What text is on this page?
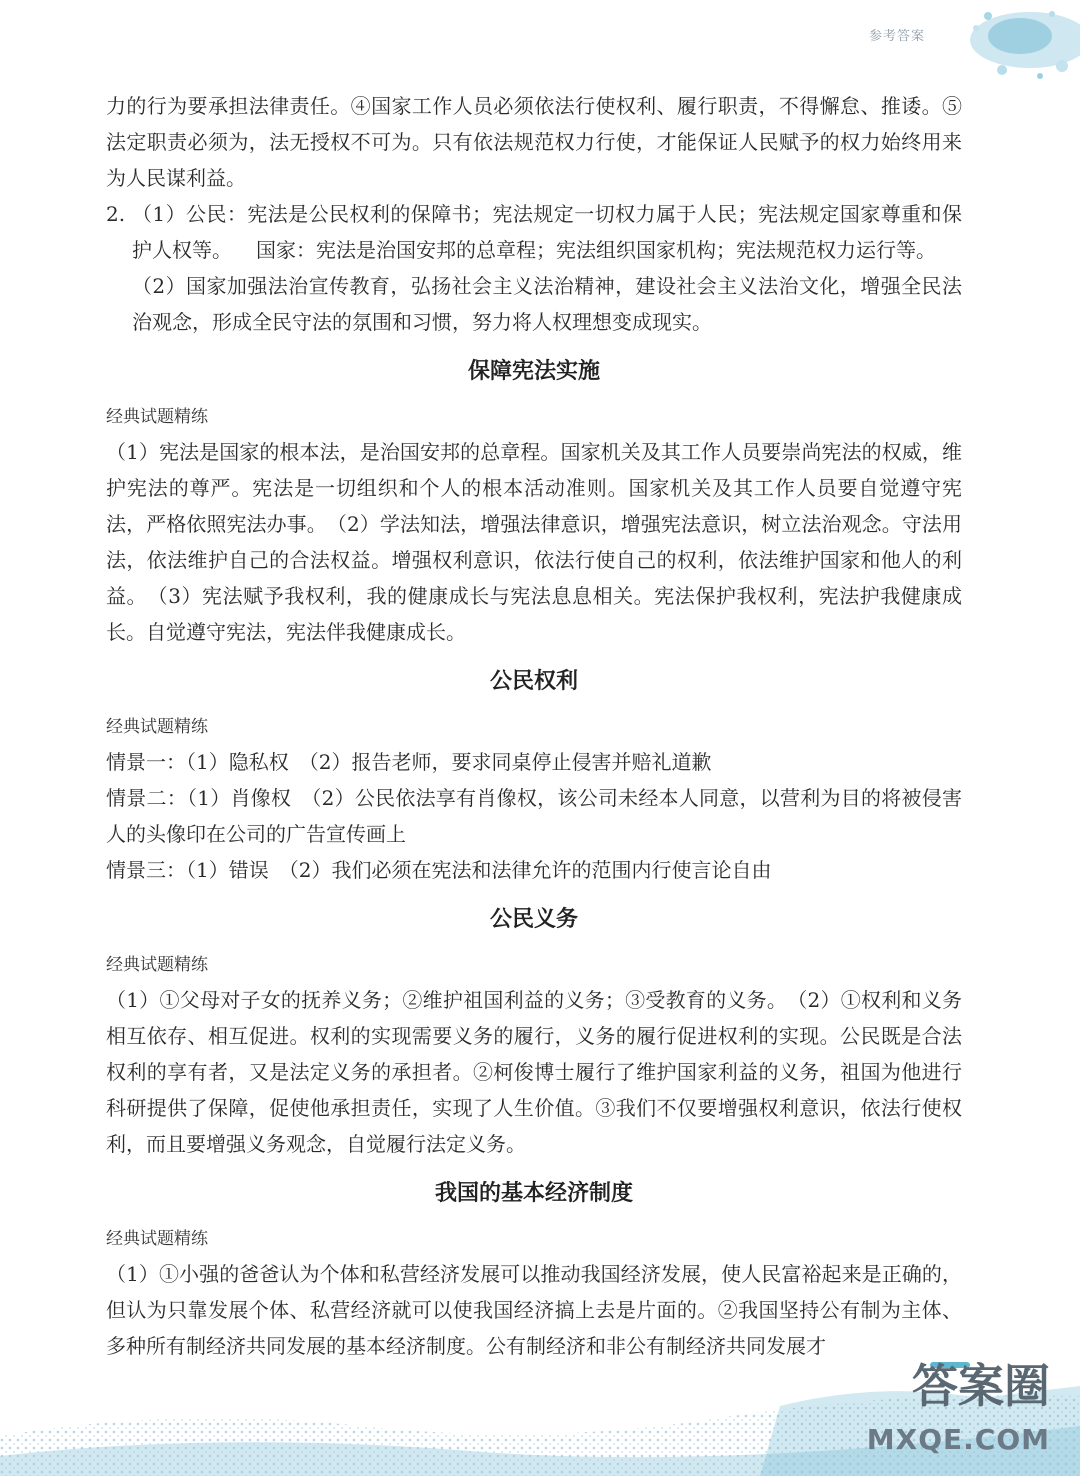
参考答案

力的行为要承担法律责任。④国家工作人员必须依法行使权利、履行职责，不得懈怠、推诿。⑤法定职责必须为，法无授权不可为。只有依法规范权力行使，才能保证人民赋予的权力始终用来为人民谋利益。

2. （1）公民：宪法是公民权利的保障书；宪法规定一切权力属于人民；宪法规定国家尊重和保护人权等。 国家：宪法是治国安邦的总章程；宪法组织国家机构；宪法规范权力运行等。

（2）国家加强法治宣传教育，弘扬社会主义法治精神，建设社会主义法治文化，增强全民法治观念，形成全民守法的氛围和习惯，努力将人权理想变成现实。

保障宪法实施
经典试题精练

（1）宪法是国家的根本法，是治国安邦的总章程。国家机关及其工作人员要崇尚宪法的权威，维护宪法的尊严。宪法是一切组织和个人的根本活动准则。国家机关及其工作人员要自觉遵守宪法，严格依照宪法办事。　（2）学法知法，增强法律意识，增强宪法意识，树立法治观念。守法用法，依法维护自己的合法权益。增强权利意识，依法行使自己的权利，依法维护国家和他人的利益。　（3）宪法赋予我权利，我的健康成长与宪法息息相关。宪法保护我权利，宪法护我健康成长。自觉遵守宪法，宪法伴我健康成长。

公民权利
经典试题精练

情景一：（1）隐私权　（2）报告老师，要求同桌停止侵害并赔礼道歉

情景二：（1）肖像权　（2）公民依法享有肖像权，该公司未经本人同意，以营利为目的将被侵害人的头像印在公司的广告宣传画上

情景三：（1）错误　（2）我们必须在宪法和法律允许的范围内行使言论自由

公民义务
经典试题精练

（1）①父母对子女的抚养义务；②维护祖国利益的义务；③受教育的义务。　（2）①权利和义务相互依存、相互促进。权利的实现需要义务的履行，义务的履行促进权利的实现。公民既是合法权利的享有者，又是法定义务的承担者。②柯俊博士履行了维护国家利益的义务，祖国为他进行科研提供了保障，促使他承担责任，实现了人生价值。③我们不仅要增强权利意识，依法行使权利，而且要增强义务观念，自觉履行法定义务。

我国的基本经济制度
经典试题精练

（1）①小强的爸爸认为个体和私营经济发展可以推动我国经济发展，使人民富裕起来是正确的，但认为只靠发展个体、私营经济就可以使我国经济搞上去是片面的。②我国坚持公有制为主体、多种所有制经济共同发展的基本经济制度。公有制经济和非公有制经济共同发展才

答案圈
MXQE.COM
